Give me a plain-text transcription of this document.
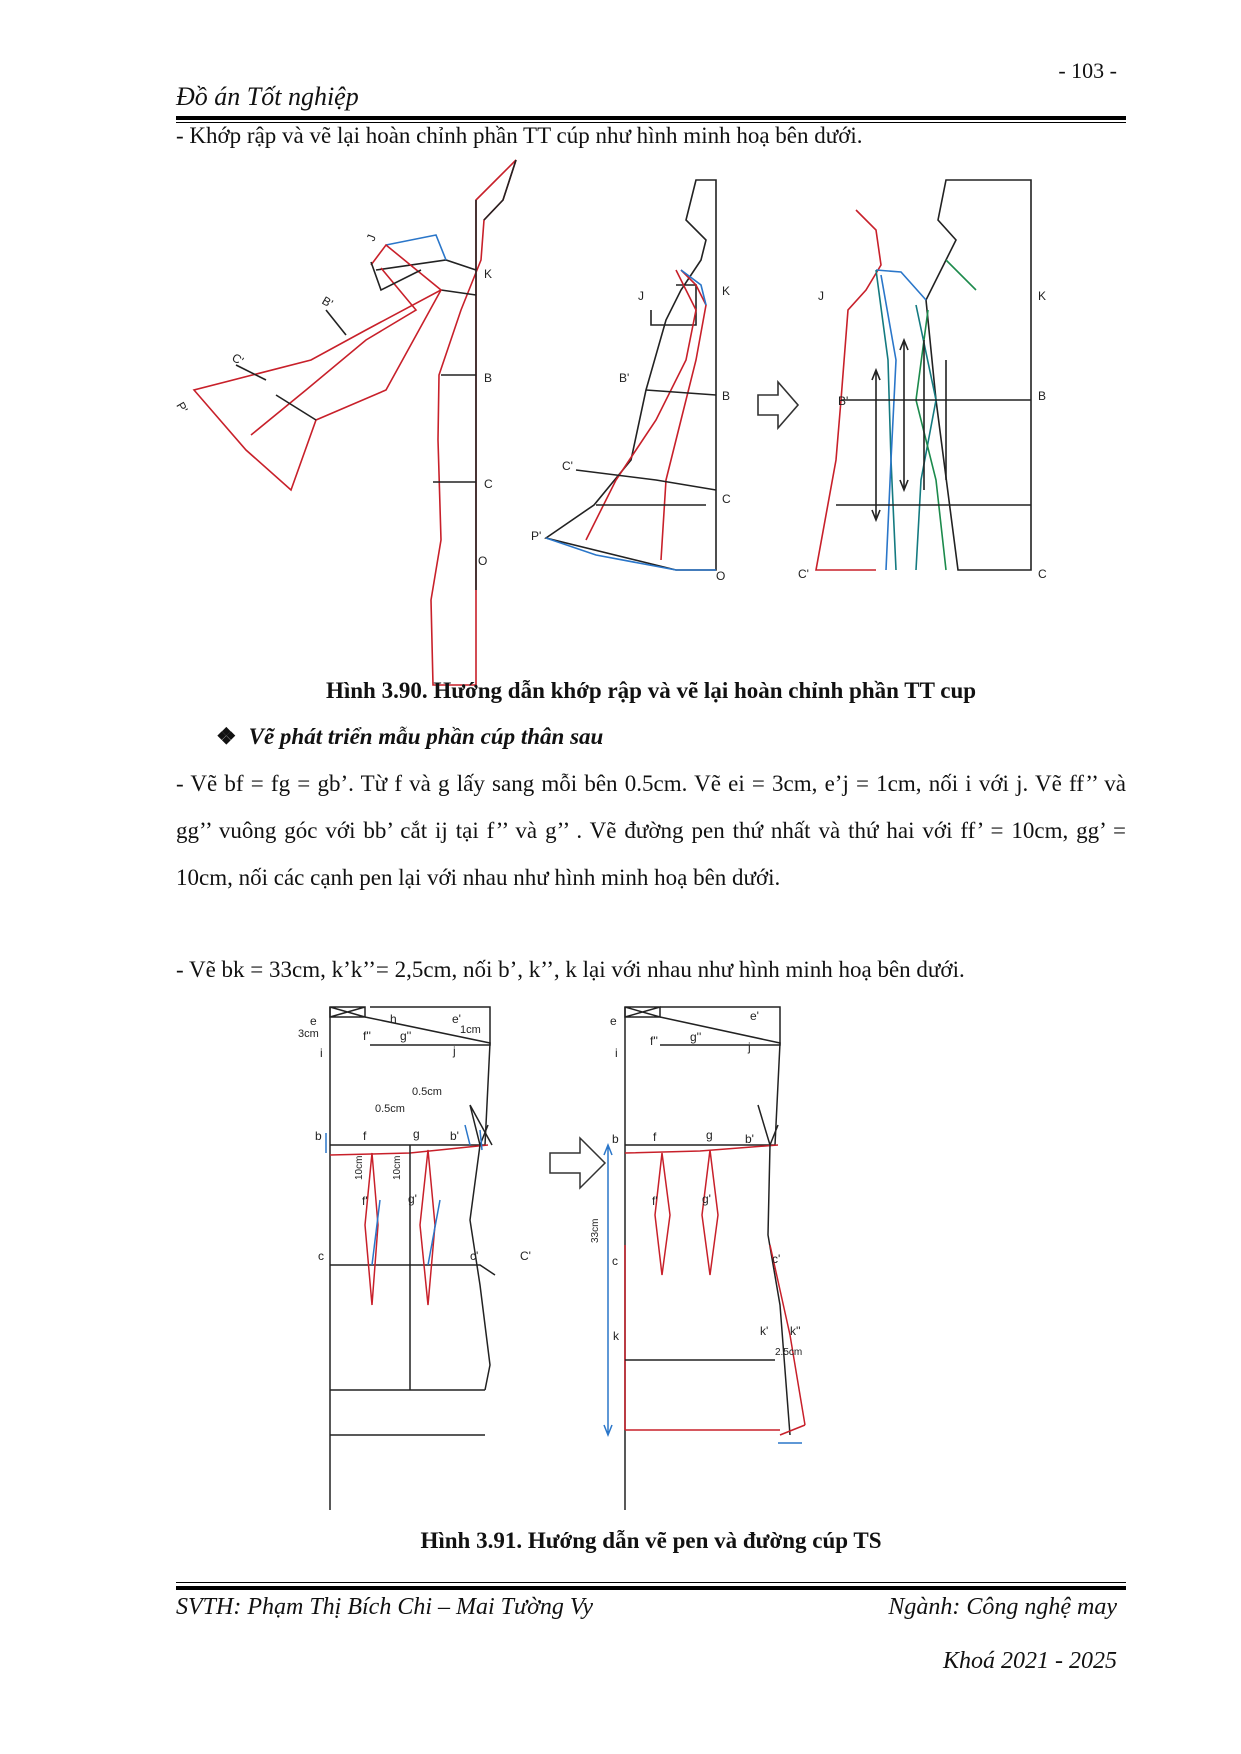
- 103 -
Đồ án Tốt nghiệp
- Khớp rập và vẽ lại hoàn chỉnh phần TT cúp như hình minh hoạ bên dưới.
J
K
B'
C'
P'
B
C
O
J	K
B'
B
C'
C
P'
O
J	K
B'	B
C'	C
Hình 3.90. Hướng dẫn khớp rập và vẽ lại hoàn chỉnh phần TT cup
❖ Vẽ phát triển mẫu phần cúp thân sau
- Vẽ bf = fg = gb’. Từ f và g lấy sang mỗi bên 0.5cm. Vẽ ei = 3cm, e’j = 1cm, nối i với j. Vẽ ff’’ và gg’’ vuông góc với bb’ cắt ij tại f’’ và g’’ . Vẽ đường pen thứ nhất và thứ hai với ff’ = 10cm, gg’ = 10cm, nối các cạnh pen lại với nhau như hình minh hoạ bên dưới.
- Vẽ bk = 33cm, k’k’’= 2,5cm, nối b’, k’’, k lại với nhau như hình minh hoạ bên dưới.
e	h	e'
3cm	1cm
i	j
f'' g''
0.5cm
0.5cm
b	f	g	b'
10cm	10cm
f'	g'
c	c'	C'
e	e'
i	j
f''	g''
b	f	g	b'
f'	g'
33cm
c	c'
k	k' k''
2.5cm
Hình 3.91. Hướng dẫn vẽ pen và đường cúp TS
SVTH: Phạm Thị Bích Chi – Mai Tường Vy	Ngành: Công nghệ may
Khoá 2021 - 2025
